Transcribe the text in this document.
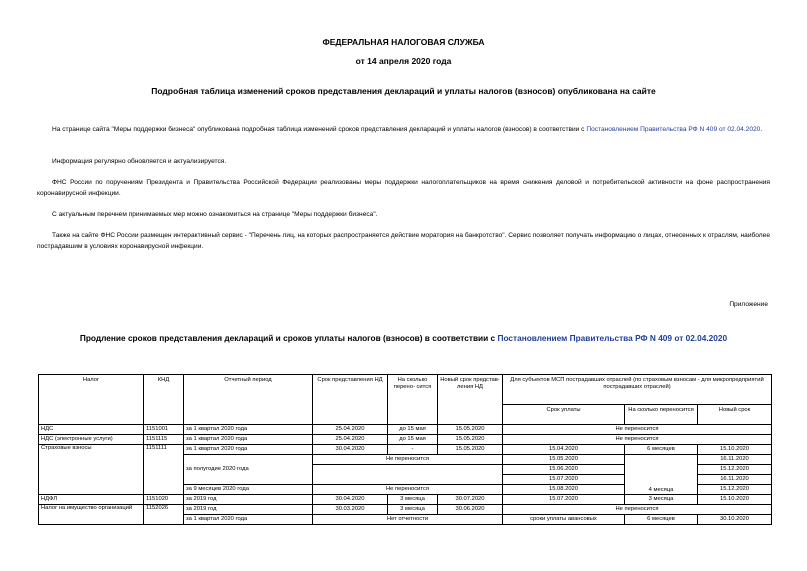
ФЕДЕРАЛЬНАЯ НАЛОГОВАЯ СЛУЖБА
от 14 апреля 2020 года
Подробная таблица изменений сроков представления деклараций и уплаты налогов (взносов) опубликована на сайте
На странице сайта "Меры поддержки бизнеса" опубликована подробная таблица изменений сроков представления деклараций и уплаты налогов (взносов) в соответствии с Постановлением Правительства РФ N 409 от 02.04.2020.
Информация регулярно обновляется и актуализируется.
ФНС России по поручениям Президента и Правительства Российской Федерации реализованы меры поддержки налогоплательщиков на время снижения деловой и потребительской активности на фоне распространения коронавирусной инфекции.
С актуальным перечнем принимаемых мер можно ознакомиться на странице "Меры поддержки бизнеса".
Также на сайте ФНС России размещен интерактивный сервис - "Перечень лиц, на которых распространяется действие моратория на банкротство". Сервис позволяет получать информацию о лицах, отнесенных к отраслям, наиболее пострадавшим в условиях коронавирусной инфекции.
Приложение
Продление сроков представления деклараций и сроков уплаты налогов (взносов) в соответствии с Постановлением Правительства РФ N 409 от 02.04.2020
Налог	КНД	Отчетный период	Срок представления НД	На сколько перено- сится	Новый срок представ- ления НД	Для субъектов МСП пострадавших отраслей (по страховым взносам - для микропредприятий пострадавших отраслей)		
						Срок уплаты	На сколько переносится	Новый срок
НДС	1151001	за 1 квартал 2020 года	25.04.2020	до 15 мая	15.05.2020	Не переносится		
НДС (электронные услуги)	1151115	за 1 квартал 2020 года	25.04.2020	до 15 мая	15.05.2020	Не переносится		
Страховые взносы	1151111	за 1 квартал 2020 года	30.04.2020	-	15.05.2020	15.04.2020	6 месяцев	15.10.2020
		за полугодие 2020 года	Не переносится			15.05.2020	4 месяца	16.11.2020
						15.06.2020		15.12.2020
						15.07.2020		16.11.2020
		за 9 месяцев 2020 года	Не переносится			15.08.2020		15.12.2020
НДФЛ	1151020	за 2019 год	30.04.2020	3 месяца	30.07.2020	15.07.2020	3 месяца	15.10.2020
Налог на имущество организаций	1152026	за 2019 год	30.03.2020	3 месяца	30.06.2020	Не переносится		
		за 1 квартал 2020 года	Нет отчетности			сроки уплаты авансовых	6 месяцев	30.10.2020
